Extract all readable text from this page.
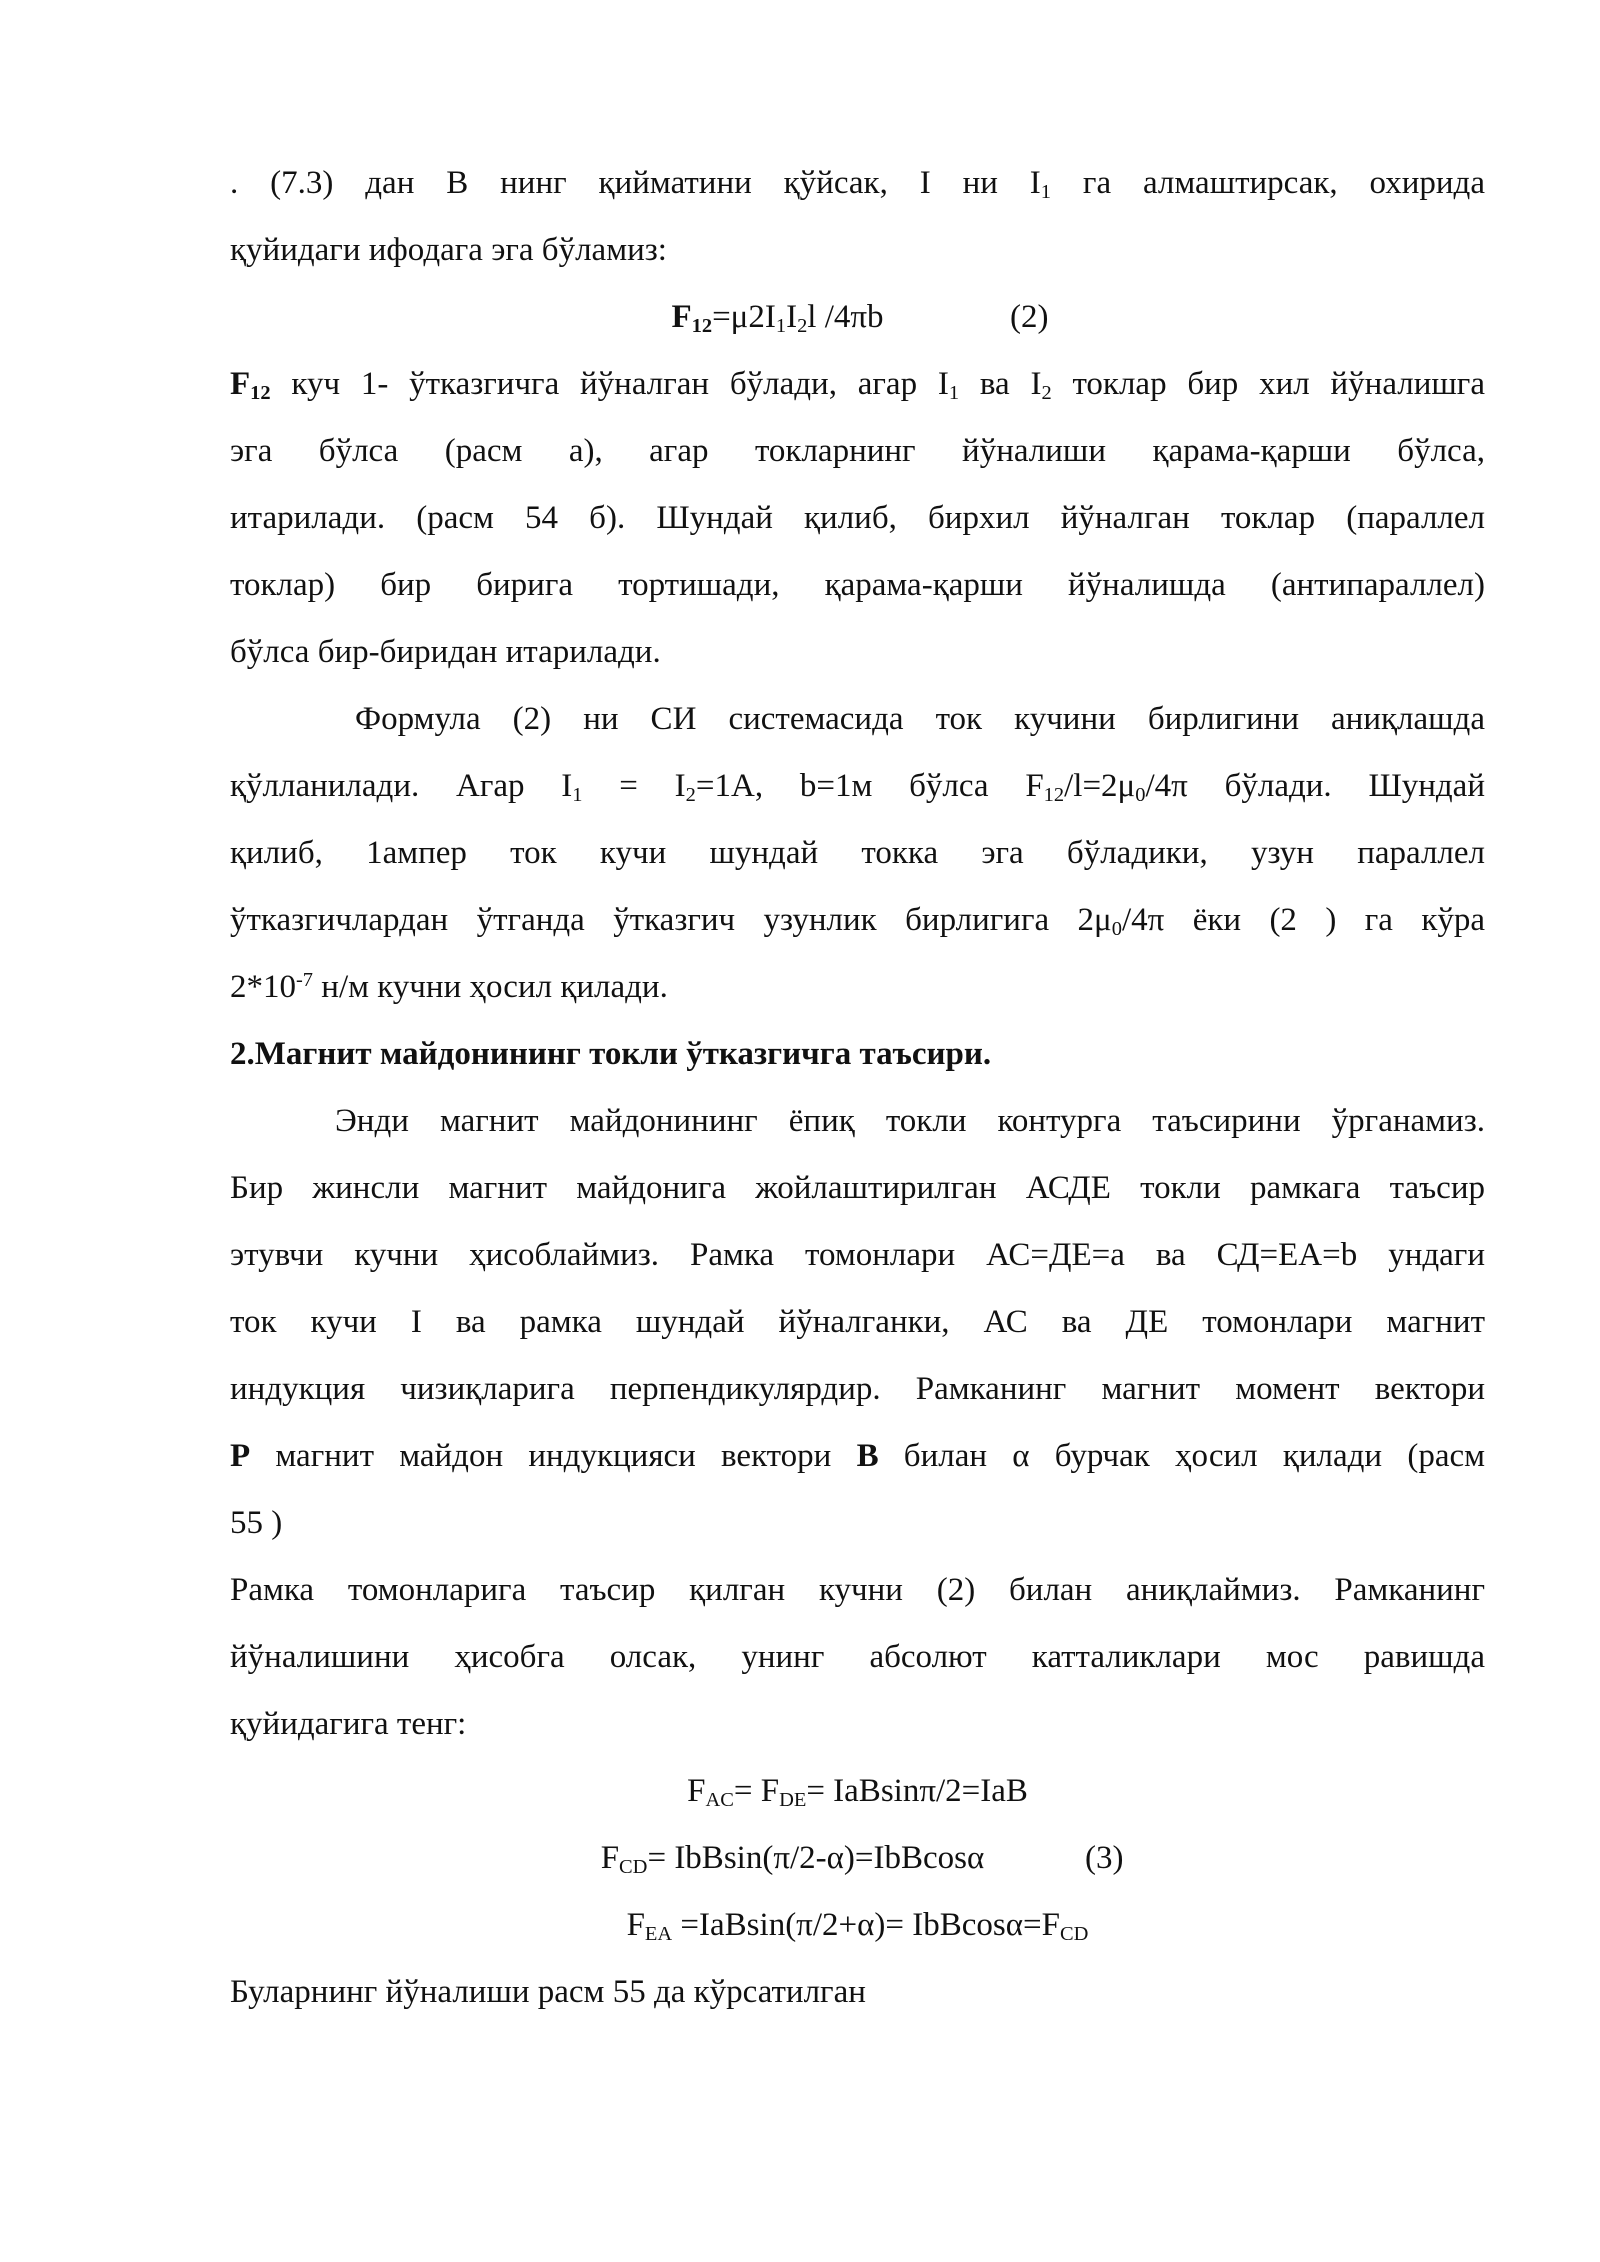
. (7.3) дан В нинг қийматини қўйсак, I ни $I_1$ га алмаштирсак, охирида

қуйидаги ифодага эга бўламиз:

$F_{12}=\mu 2I_1I_2l$ /4πb	(2)

$F_{12}$ куч 1- ўтказгичга йўналган бўлади, агар $I_1$ ва $I_2$ токлар бир хил йўналишга

эга бўлса (расм а), агар токларнинг йўналиши қарама-қарши бўлса,

итарилади. (расм 54 б). Шундай қилиб, бирхил йўналган токлар (параллел

токлар) бир бирига тортишади, қарама-қарши йўналишда (антипараллел)

бўлса бир-биридан итарилади.

Формула (2) ни СИ системасида ток кучини бирлигини аниқлашда

қўлланилади. Агар $I_1 = I_2=1А$, b=1м бўлса $F_{12}/l=2\mu_0/4\pi$ бўлади. Шундай

қилиб, 1ампер ток кучи шундай токка эга бўладики, узун параллел

ўтказгичлардан ўтганда ўтказгич узунлик бирлигига $2\mu_0/4\pi$ ёки (2 ) га кўра

$2*10^{-7}$ н/м кучни ҳосил қилади.

2.Магнит майдонининг токли ўтказгичга таъсири.

Энди магнит майдонининг ёпиқ токли контурга таъсирини ўрганамиз.

Бир жинсли магнит майдонига жойлаштирилган АСДЕ токли рамкага таъсир

этувчи кучни ҳисоблаймиз. Рамка томонлари АС=ДЕ=а ва СД=ЕА=b ундаги

ток кучи I ва рамка шундай йўналганки, АС ва ДЕ томонлари магнит

индукция чизиқларига перпендикулярдир. Рамканинг магнит момент вектори

Р магнит майдон индукцияси вектори В билан α бурчак ҳосил қилади (расм

55 )

Рамка томонларига таъсир қилган кучни (2) билан аниқлаймиз. Рамканинг

йўналишини ҳисобга олсак, унинг абсолют катталиклари мос равишда

қуйидагига тенг:

$F_{AC}= F_{DE}= IaBsin\pi/2=IaB$
$F_{CD}= IbBsin(\pi/2-\alpha)=IbBcos\alpha$	(3)
$F_{EA} =IaBsin(\pi/2+\alpha)= IbBcos\alpha=F_{CD}$

Буларнинг йўналиши расм 55 да кўрсатилган
